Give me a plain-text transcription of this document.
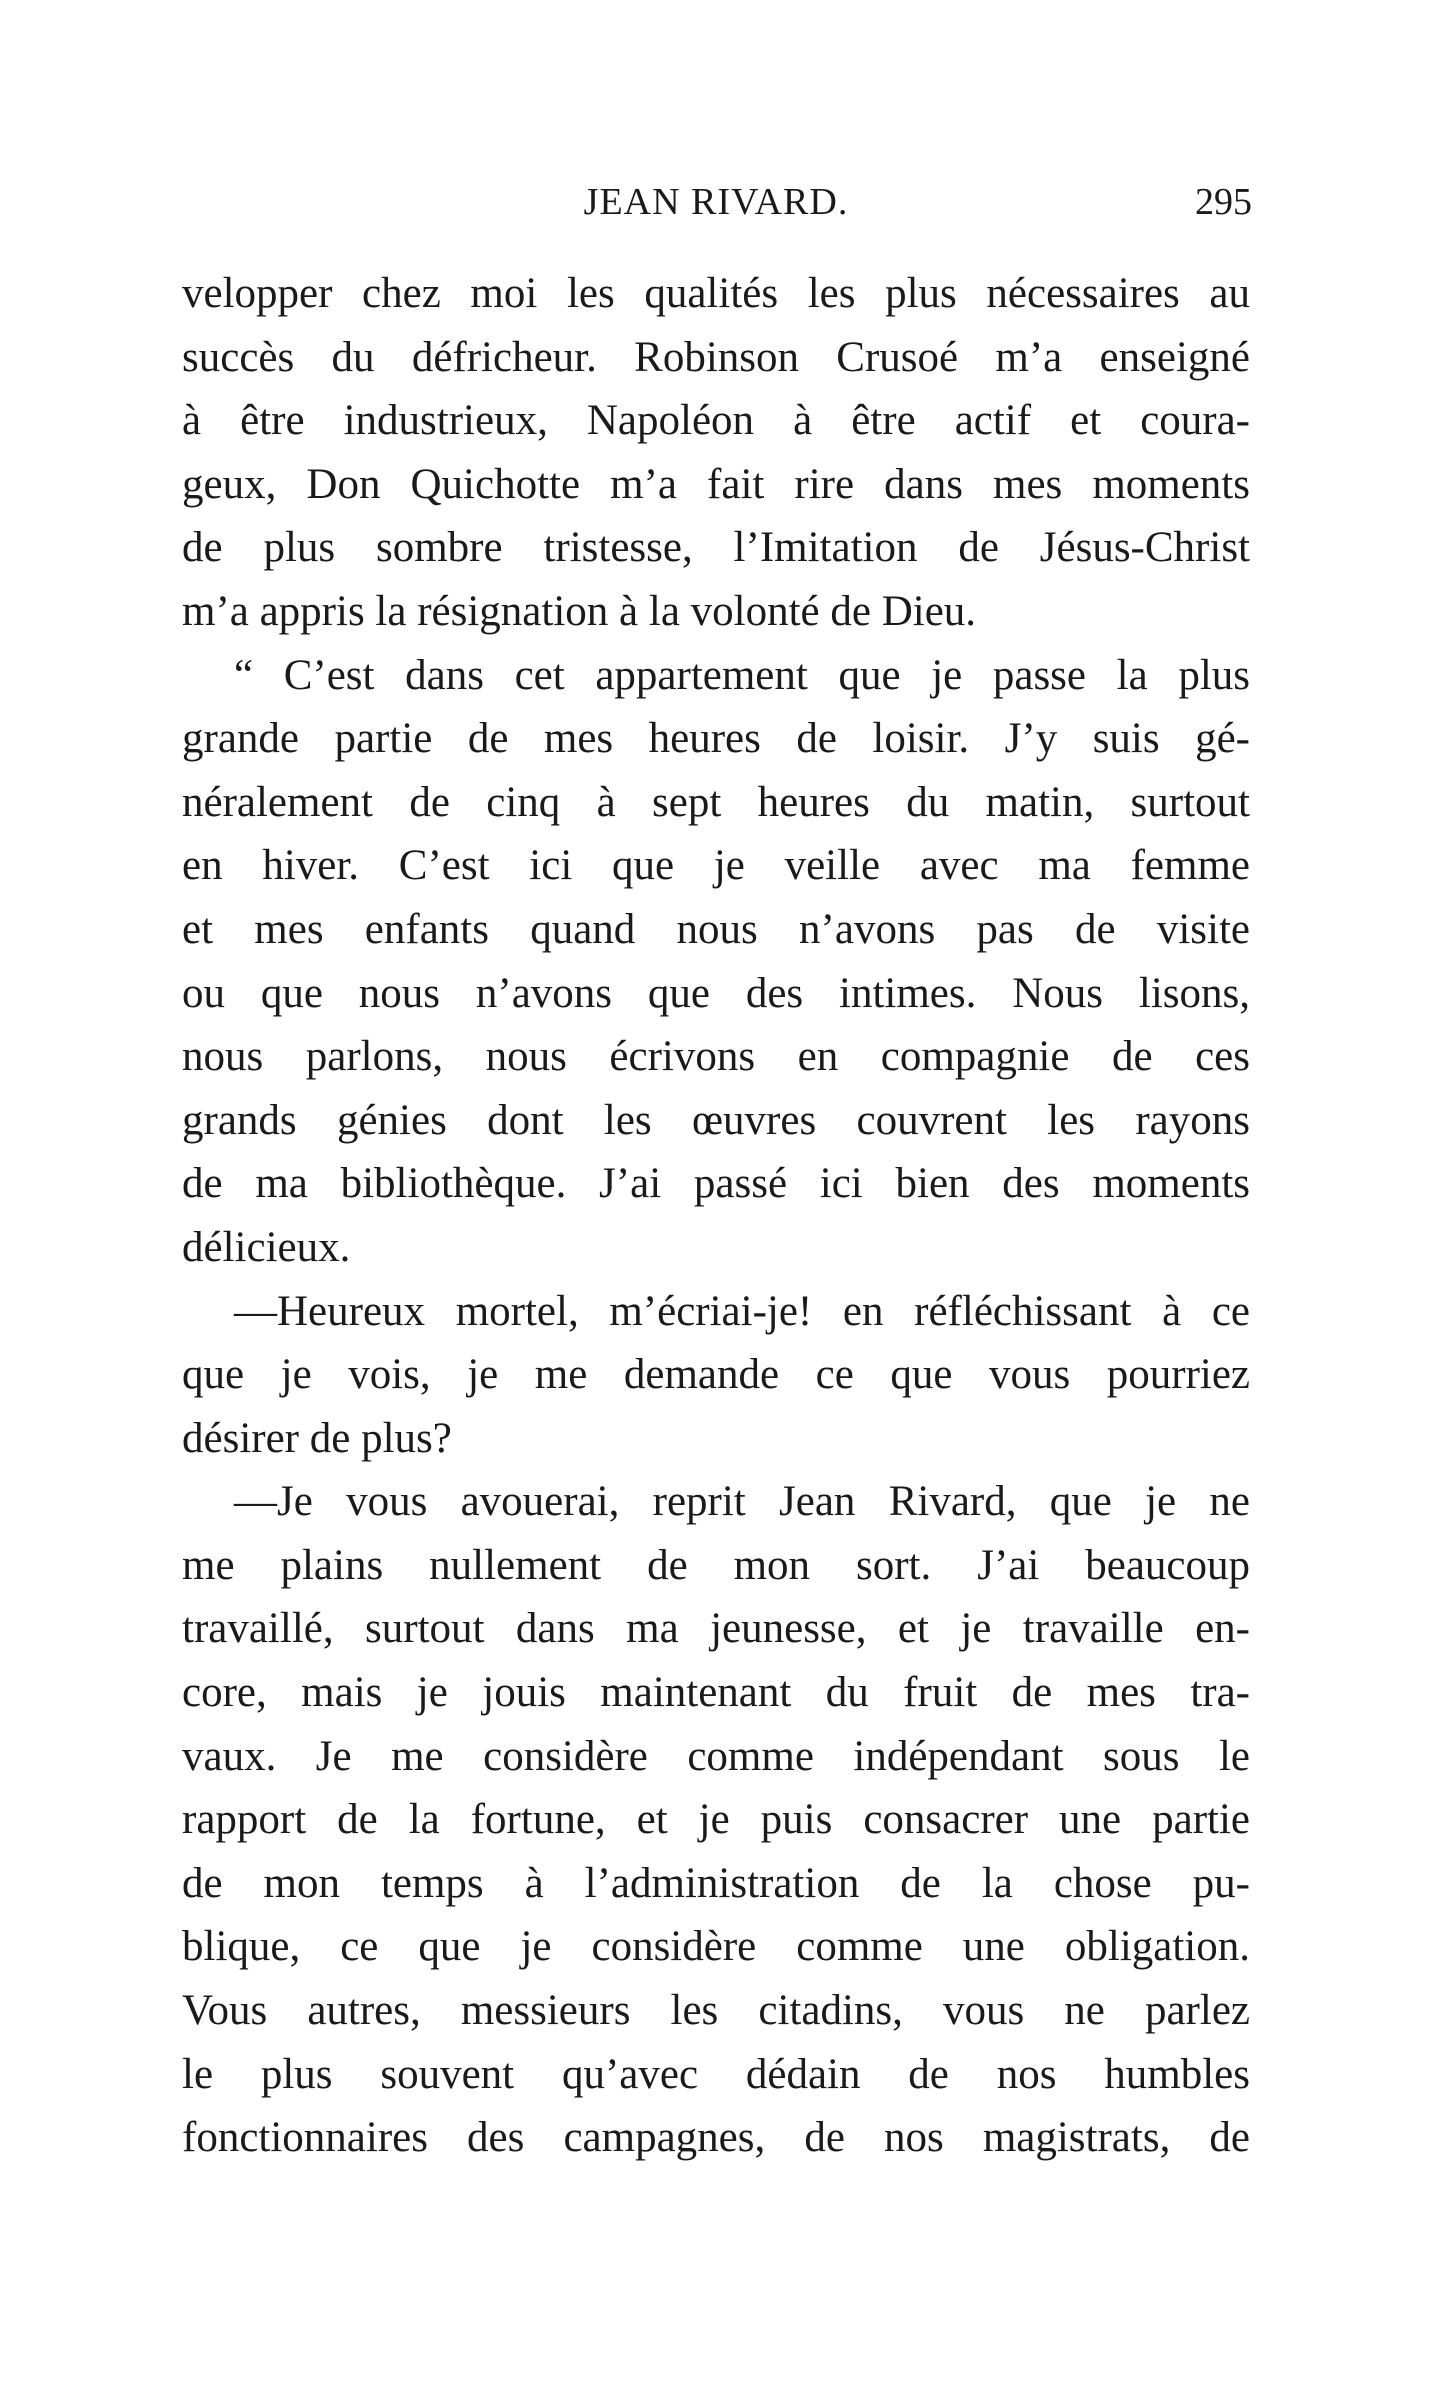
JEAN RIVARD.	295
velopper chez moi les qualités les plus nécessaires au
succès du défricheur. Robinson Crusoé m’a enseigné
à être industrieux, Napoléon à être actif et coura-
geux, Don Quichotte m’a fait rire dans mes moments
de plus sombre tristesse, l’Imitation de Jésus-Christ
m’a appris la résignation à la volonté de Dieu.
“ C’est dans cet appartement que je passe la plus
grande partie de mes heures de loisir. J’y suis gé-
néralement de cinq à sept heures du matin, surtout
en hiver. C’est ici que je veille avec ma femme
et mes enfants quand nous n’avons pas de visite
ou que nous n’avons que des intimes. Nous lisons,
nous parlons, nous écrivons en compagnie de ces
grands génies dont les œuvres couvrent les rayons
de ma bibliothèque. J’ai passé ici bien des moments
délicieux.
—Heureux mortel, m’écriai-je! en réfléchissant à ce
que je vois, je me demande ce que vous pourriez
désirer de plus?
—Je vous avouerai, reprit Jean Rivard, que je ne
me plains nullement de mon sort. J’ai beaucoup
travaillé, surtout dans ma jeunesse, et je travaille en-
core, mais je jouis maintenant du fruit de mes tra-
vaux. Je me considère comme indépendant sous le
rapport de la fortune, et je puis consacrer une partie
de mon temps à l’administration de la chose pu-
blique, ce que je considère comme une obligation.
Vous autres, messieurs les citadins, vous ne parlez
le plus souvent qu’avec dédain de nos humbles
fonctionnaires des campagnes, de nos magistrats, de
